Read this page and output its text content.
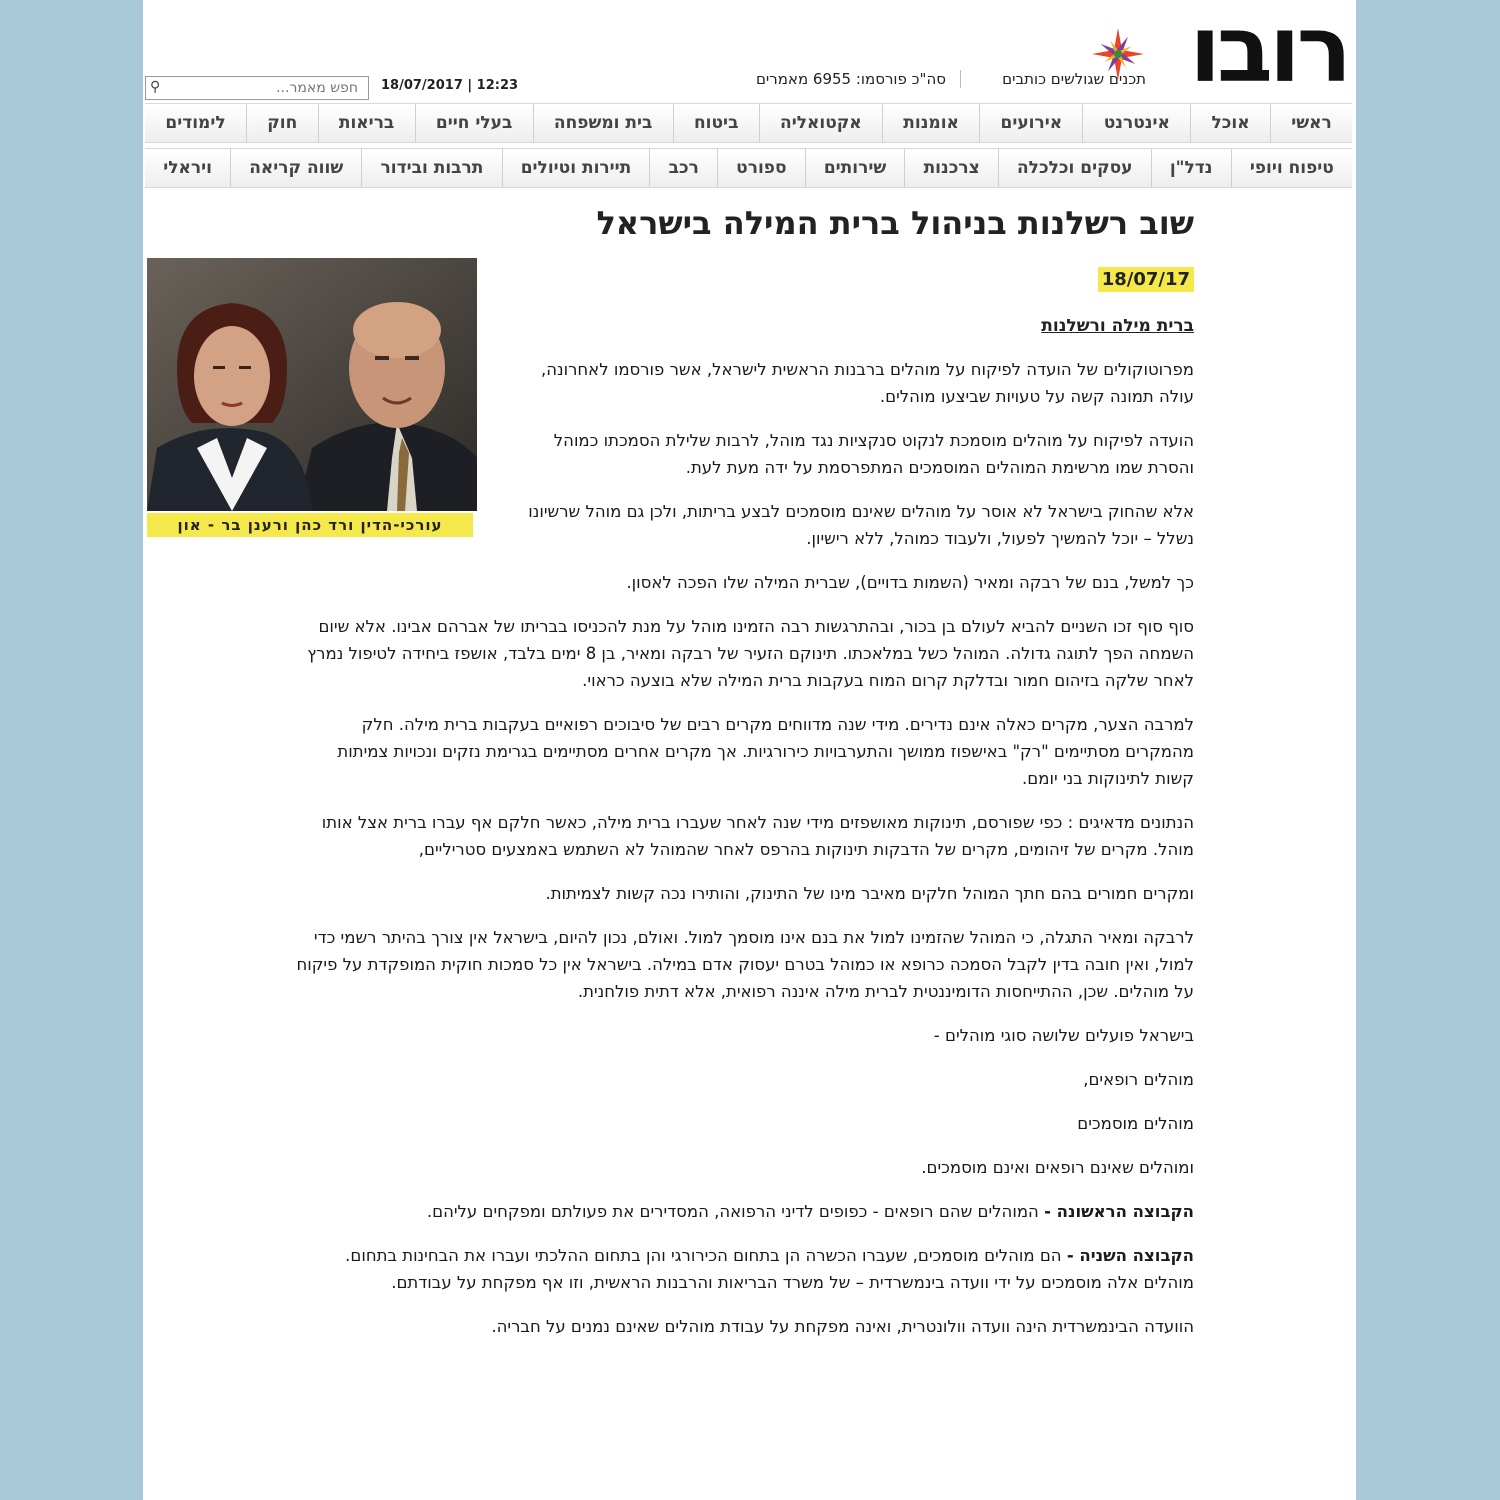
רובו
תכנים שגולשים כותבים
סה"כ פורסמו: 6955 מאמרים
18/07/2017 | 12:23
חפש מאמר...
⚲
ראשי
אוכל
אינטרנט
אירועים
אומנות
אקטואליה
ביטוח
בית ומשפחה
בעלי חיים
בריאות
חוק
לימודים
טיפוח ויופי
נדל"ן
עסקים וכלכלה
צרכנות
שירותים
ספורט
רכב
תיירות וטיולים
תרבות ובידור
שווה קריאה
ויראלי
שוב רשלנות בניהול ברית המילה בישראל
18/07/17
ברית מילה ורשלנות
עורכי-הדין ורד כהן ורענן בר - און

מפרוטוקולים של הועדה לפיקוח על מוהלים ברבנות הראשית לישראל, אשר פורסמו לאחרונה, עולה תמונה קשה על טעויות שביצעו מוהלים.

הועדה לפיקוח על מוהלים מוסמכת לנקוט סנקציות נגד מוהל, לרבות שלילת הסמכתו כמוהל והסרת שמו מרשימת המוהלים המוסמכים המתפרסמת על ידה מעת לעת.

אלא שהחוק בישראל לא אוסר על מוהלים שאינם מוסמכים לבצע בריתות, ולכן גם מוהל שרשיונו נשלל – יוכל להמשיך לפעול, ולעבוד כמוהל, ללא רישיון.

כך למשל, בנם של רבקה ומאיר (השמות בדויים), שברית המילה שלו הפכה לאסון.

סוף סוף זכו השניים להביא לעולם בן בכור, ובהתרגשות רבה הזמינו מוהל על מנת להכניסו בבריתו של אברהם אבינו. אלא שיום השמחה הפך לתוגה גדולה. המוהל כשל במלאכתו. תינוקם הזעיר של רבקה ומאיר, בן 8 ימים בלבד, אושפז ביחידה לטיפול נמרץ לאחר שלקה בזיהום חמור ובדלקת קרום המוח בעקבות ברית המילה שלא בוצעה כראוי.

למרבה הצער, מקרים כאלה אינם נדירים. מידי שנה מדווחים מקרים רבים של סיבוכים רפואיים בעקבות ברית מילה. חלק מהמקרים מסתיימים "רק" באישפוז ממושך והתערבויות כירורגיות. אך מקרים אחרים מסתיימים בגרימת נזקים ונכויות צמיתות קשות לתינוקות בני יומם.

הנתונים מדאיגים : כפי שפורסם, תינוקות מאושפזים מידי שנה לאחר שעברו ברית מילה, כאשר חלקם אף עברו ברית אצל אותו מוהל. מקרים של זיהומים, מקרים של הדבקות תינוקות בהרפס לאחר שהמוהל לא השתמש באמצעים סטריליים,

ומקרים חמורים בהם חתך המוהל חלקים מאיבר מינו של התינוק, והותירו נכה קשות לצמיתות.

לרבקה ומאיר התגלה, כי המוהל שהזמינו למול את בנם אינו מוסמך למול. ואולם, נכון להיום, בישראל אין צורך בהיתר רשמי כדי למול, ואין חובה בדין לקבל הסמכה כרופא או כמוהל בטרם יעסוק אדם במילה. בישראל אין כל סמכות חוקית המופקדת על פיקוח על מוהלים. שכן, ההתייחסות הדומיננטית לברית מילה איננה רפואית, אלא דתית פולחנית.

בישראל פועלים שלושה סוגי מוהלים -

מוהלים רופאים,

מוהלים מוסמכים

ומוהלים שאינם רופאים ואינם מוסמכים.

הקבוצה הראשונה - המוהלים שהם רופאים - כפופים לדיני הרפואה, המסדירים את פעולתם ומפקחים עליהם.

הקבוצה השניה - הם מוהלים מוסמכים, שעברו הכשרה הן בתחום הכירורגי והן בתחום ההלכתי ועברו את הבחינות בתחום. מוהלים אלה מוסמכים על ידי וועדה בינמשרדית – של משרד הבריאות והרבנות הראשית, וזו אף מפקחת על עבודתם.

הוועדה הבינמשרדית הינה וועדה וולונטרית, ואינה מפקחת על עבודת מוהלים שאינם נמנים על חבריה.
